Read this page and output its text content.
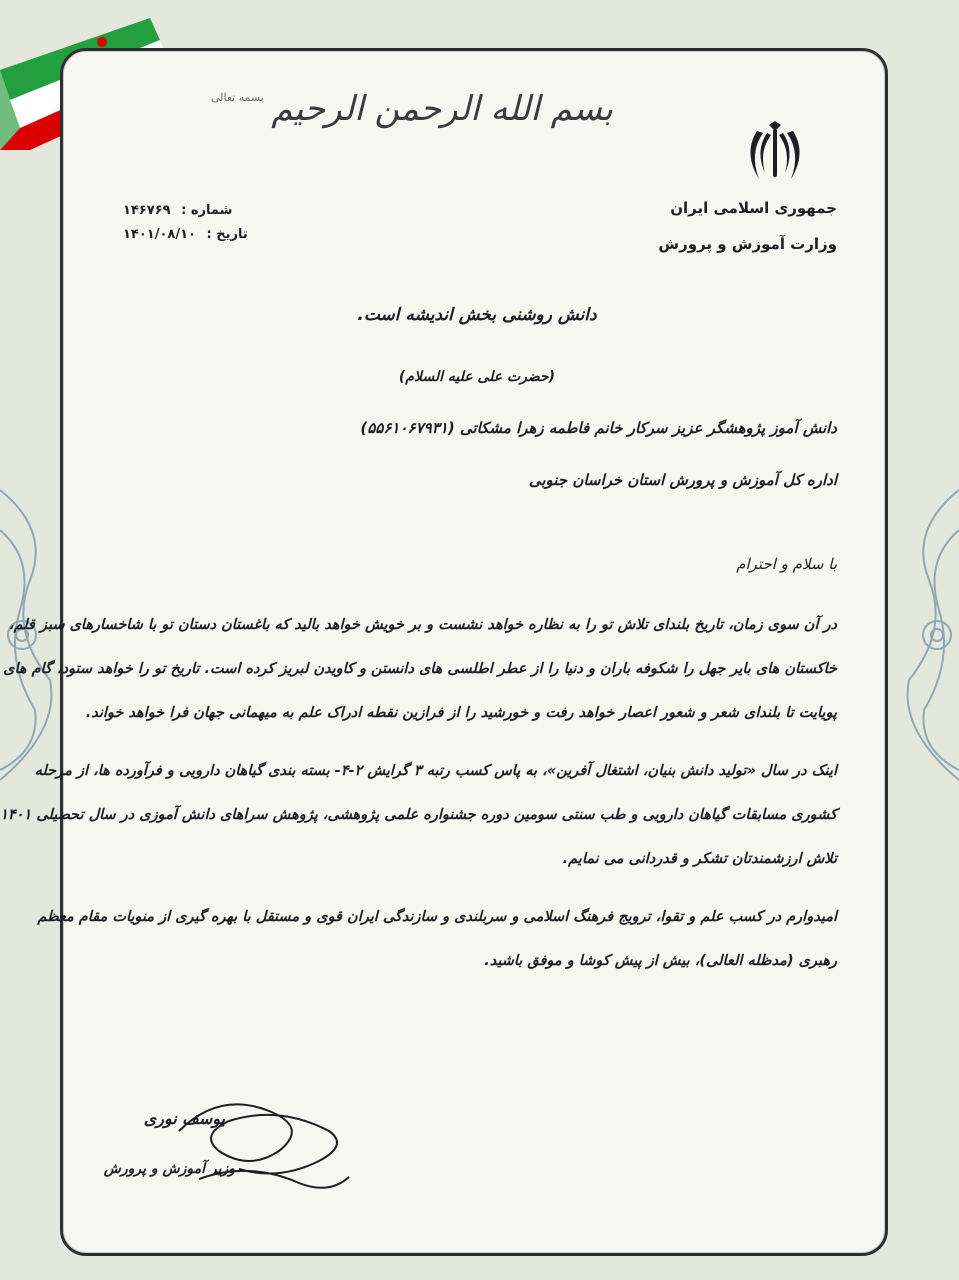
بسم الله الرحمن الرحیم
بسمه تعالی
جمهوری اسلامی ایران
وزارت آموزش و پرورش
شماره : ۱۴۶۷۶۹
تاریخ : ۱۴۰۱/۰۸/۱۰
دانش روشنی بخش اندیشه است.
(حضرت علی علیه السلام)
دانش آموز پژوهشگر عزیز سرکار خانم فاطمه زهرا مشکاتی (۵۵۶۱۰۶۷۹۳۱)
اداره کل آموزش و پرورش استان خراسان جنوبی
با سلام و احترام
در آن سوی زمان، تاریخ بلندای تلاش تو را به نظاره خواهد نشست و بر خویش خواهد بالید که باغستان دستان تو با شاخسارهای سبز قلم،
خاکستان های بایر جهل را شکوفه باران و دنیا را از عطر اطلسی های دانستن و کاویدن لبریز کرده است. تاریخ تو را خواهد ستود، گام های
پویایت تا بلندای شعر و شعور اعصار خواهد رفت و خورشید را از فرازین نقطه ادراک علم به میهمانی جهان فرا خواهد خواند.
اینک در سال «تولید دانش بنیان، اشتغال آفرین»، به پاس کسب رتبه ۳ گرایش ۲-۴- بسته بندی گیاهان دارویی و فرآورده ها، از مرحله
کشوری مسابقات گیاهان دارویی و طب سنتی سومین دوره جشنواره علمی پژوهشی، پژوهش سراهای دانش آموزی در سال تحصیلی ۱۴۰۱
تلاش ارزشمندتان تشکر و قدردانی می نمایم.
امیدوارم در کسب علم و تقوا، ترویج فرهنگ اسلامی و سربلندی و سازندگی ایران قوی و مستقل با بهره گیری از منویات مقام معظم
رهبری (مدظله العالی)، بیش از پیش کوشا و موفق باشید.
یوسف نوری
وزیر آموزش و پرورش
